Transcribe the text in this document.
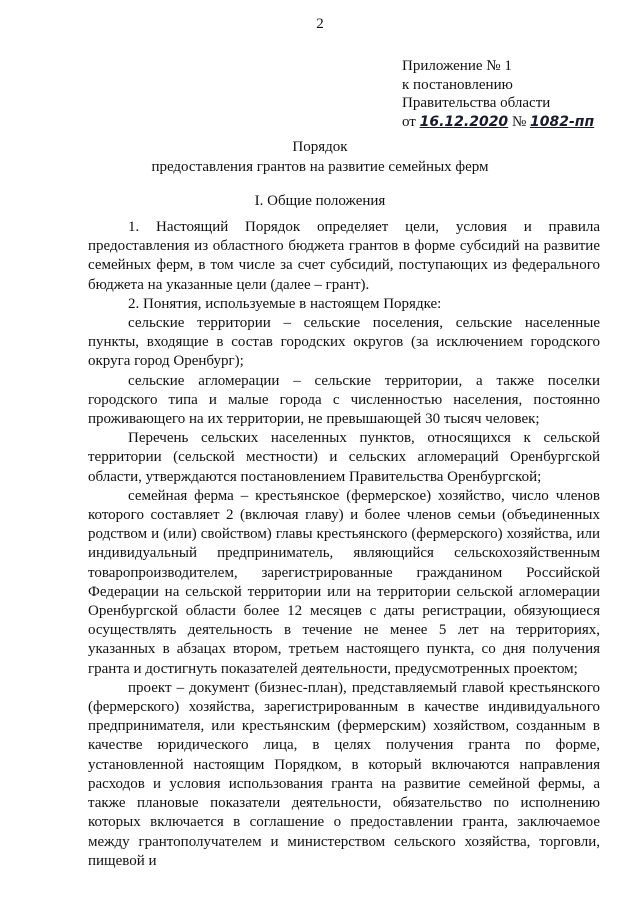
2
Приложение № 1
к постановлению
Правительства области
от 16.12.2020 № 1082-пп
Порядок
предоставления грантов на развитие семейных ферм
I. Общие положения

1. Настоящий Порядок определяет цели, условия и правила предоставления из областного бюджета грантов в форме субсидий на развитие семейных ферм, в том числе за счет субсидий, поступающих из федерального бюджета на указанные цели (далее – грант).

2. Понятия, используемые в настоящем Порядке:

сельские территории – сельские поселения, сельские населенные пункты, входящие в состав городских округов (за исключением городского округа город Оренбург);

сельские агломерации – сельские территории, а также поселки городского типа и малые города с численностью населения, постоянно проживающего на их территории, не превышающей 30 тысяч человек;

Перечень сельских населенных пунктов, относящихся к сельской территории (сельской местности) и сельских агломераций Оренбургской области, утверждаются постановлением Правительства Оренбургской;

семейная ферма – крестьянское (фермерское) хозяйство, число членов которого составляет 2 (включая главу) и более членов семьи (объединенных родством и (или) свойством) главы крестьянского (фермерского) хозяйства, или индивидуальный предприниматель, являющийся сельскохозяйственным товаропроизводителем, зарегистрированные гражданином Российской Федерации на сельской территории или на территории сельской агломерации Оренбургской области более 12 месяцев с даты регистрации, обязующиеся осуществлять деятельность в течение не менее 5 лет на территориях, указанных в абзацах втором, третьем настоящего пункта, со дня получения гранта и достигнуть показателей деятельности, предусмотренных проектом;

проект – документ (бизнес-план), представляемый главой крестьянского (фермерского) хозяйства, зарегистрированным в качестве индивидуального предпринимателя, или крестьянским (фермерским) хозяйством, созданным в качестве юридического лица, в целях получения гранта по форме, установленной настоящим Порядком, в который включаются направления расходов и условия использования гранта на развитие семейной фермы, а также плановые показатели деятельности, обязательство по исполнению которых включается в соглашение о предоставлении гранта, заключаемое между грантополучателем и министерством сельского хозяйства, торговли, пищевой и
